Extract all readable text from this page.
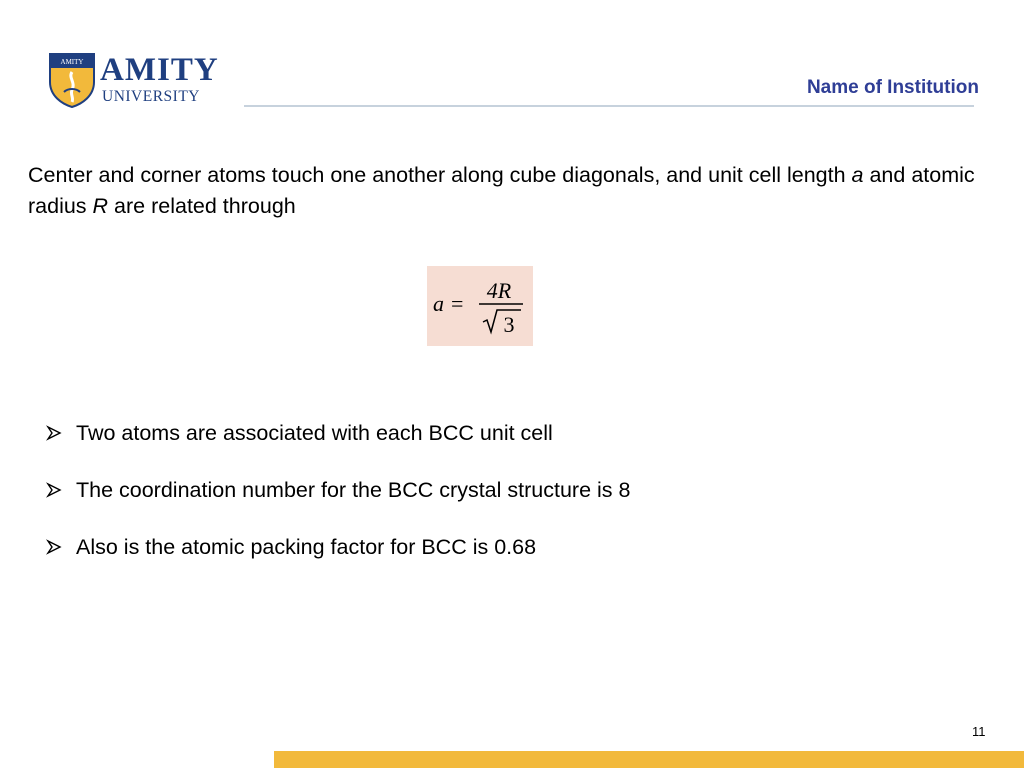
AMITY AMITY
UNIVERSITY	Name of Institution

Center and corner atoms touch one another along cube diagonals, and unit cell length a and atomic radius R are related through

a =
4R
3
Two atoms are associated with each BCC unit cell
The coordination number for the BCC crystal structure is 8
Also is the atomic packing factor for BCC is 0.68
11
